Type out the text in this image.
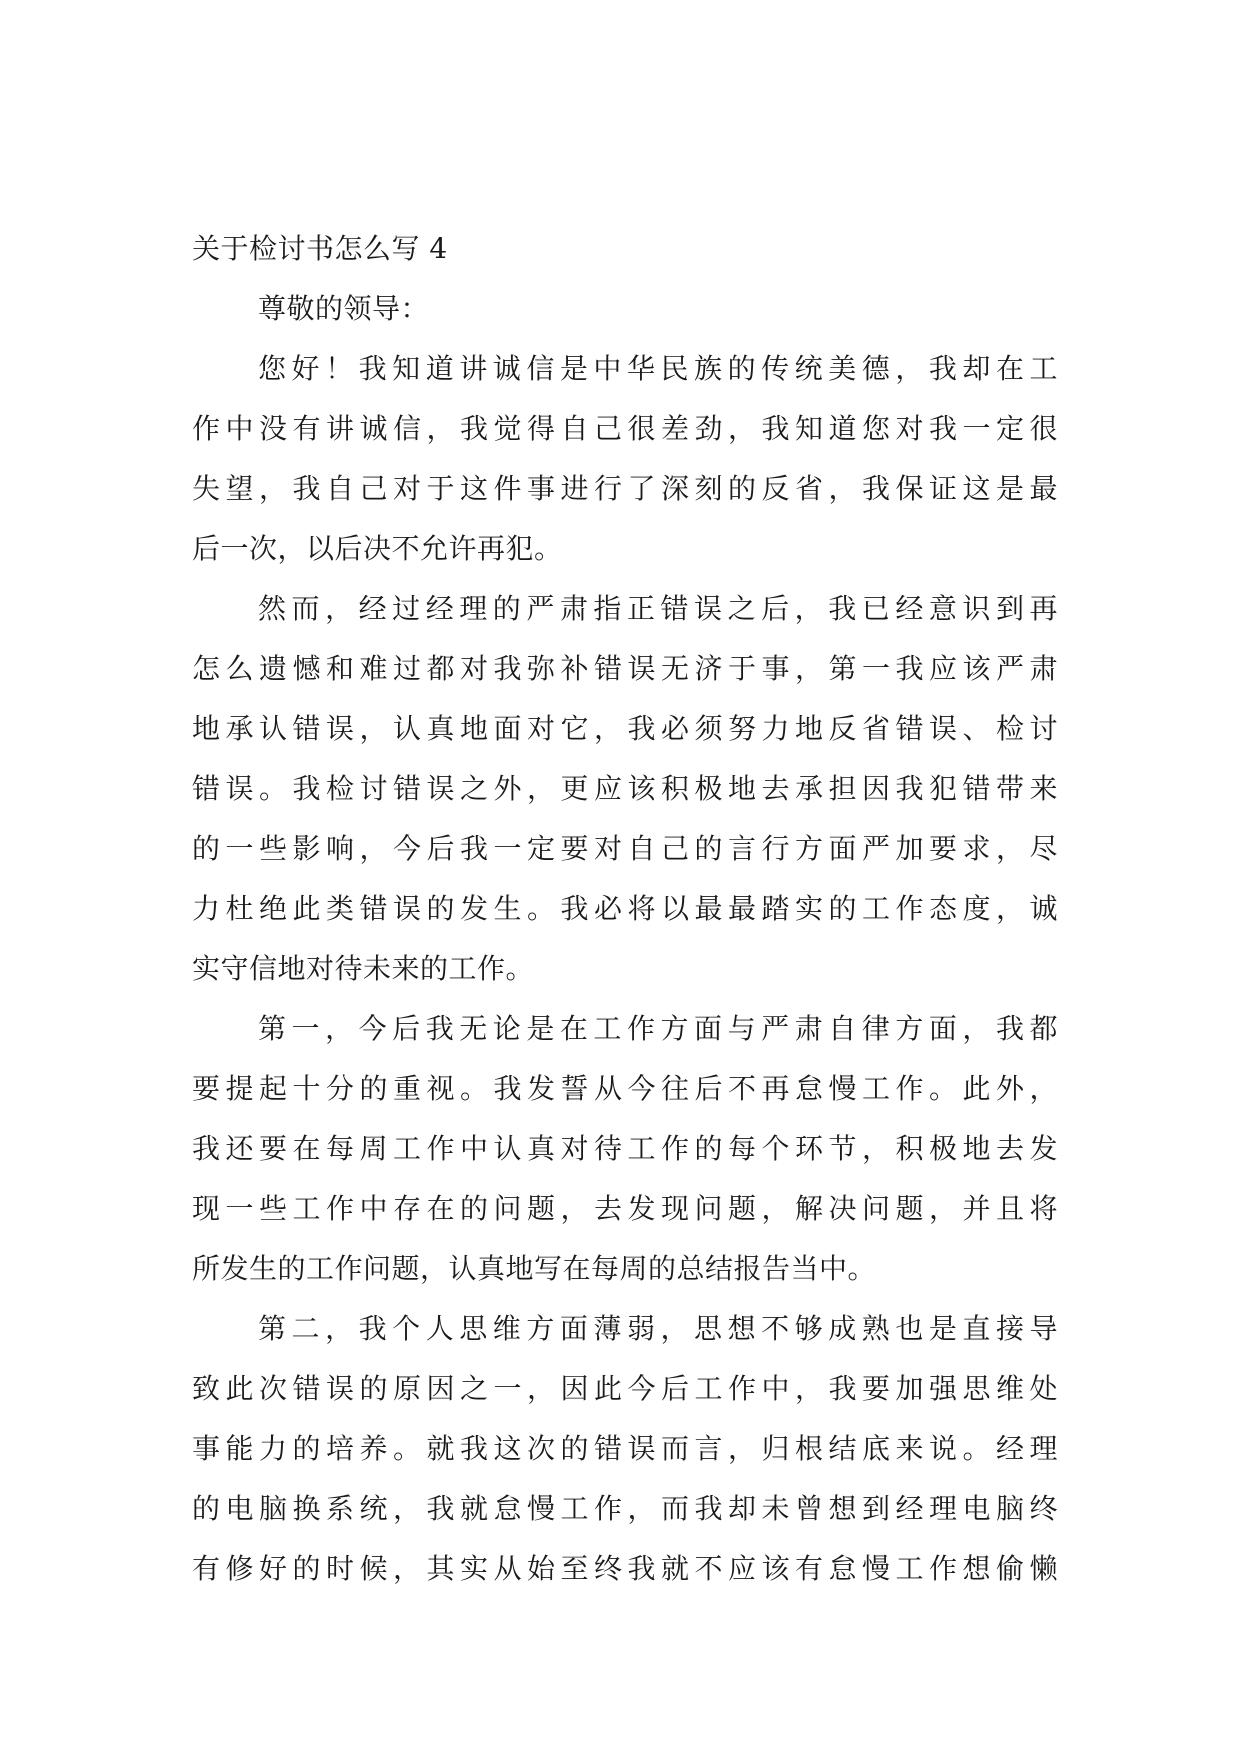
关于检讨书怎么写 4
尊敬的领导：
您好！我知道讲诚信是中华民族的传统美德，我却在工
作中没有讲诚信，我觉得自己很差劲，我知道您对我一定很
失望，我自己对于这件事进行了深刻的反省，我保证这是最
后一次，以后决不允许再犯。
然而，经过经理的严肃指正错误之后，我已经意识到再
怎么遗憾和难过都对我弥补错误无济于事，第一我应该严肃
地承认错误，认真地面对它，我必须努力地反省错误、检讨
错误。我检讨错误之外，更应该积极地去承担因我犯错带来
的一些影响，今后我一定要对自己的言行方面严加要求，尽
力杜绝此类错误的发生。我必将以最最踏实的工作态度，诚
实守信地对待未来的工作。
第一，今后我无论是在工作方面与严肃自律方面，我都
要提起十分的重视。我发誓从今往后不再怠慢工作。此外，
我还要在每周工作中认真对待工作的每个环节，积极地去发
现一些工作中存在的问题，去发现问题，解决问题，并且将
所发生的工作问题，认真地写在每周的总结报告当中。
第二，我个人思维方面薄弱，思想不够成熟也是直接导
致此次错误的原因之一，因此今后工作中，我要加强思维处
事能力的培养。就我这次的错误而言，归根结底来说。经理
的电脑换系统，我就怠慢工作，而我却未曾想到经理电脑终
有修好的时候，其实从始至终我就不应该有怠慢工作想偷懒
